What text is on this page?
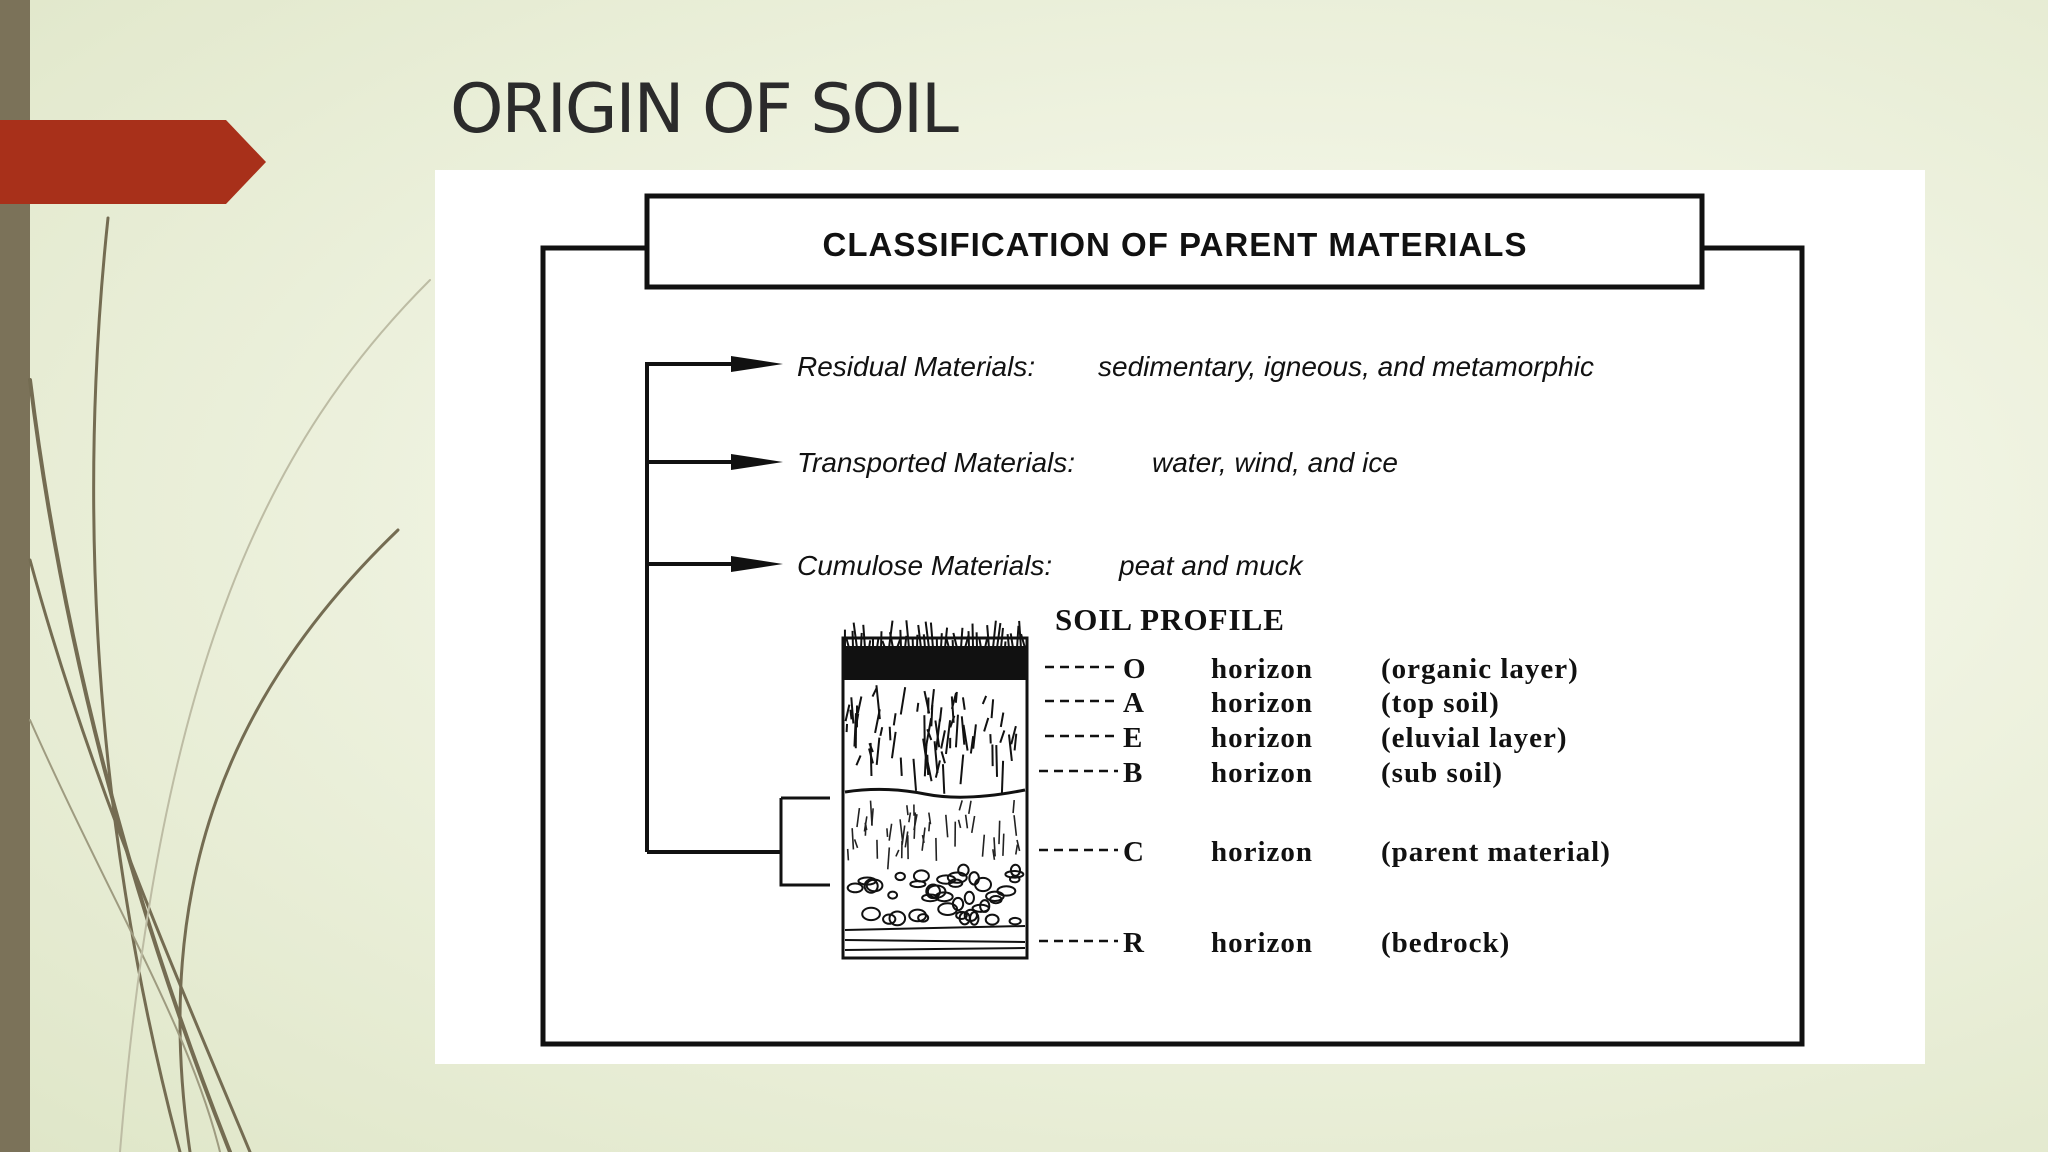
ORIGIN OF SOIL
CLASSIFICATION OF PARENT MATERIALS
Residual Materials: sedimentary, igneous, and metamorphic
Transported Materials:	water, wind, and ice
Cumulose Materials: peat and muck
SOIL PROFILE
O horizon (organic layer)
A horizon (top soil)
E horizon (eluvial layer)
B horizon (sub soil)
C horizon (parent material)
R horizon (bedrock)
